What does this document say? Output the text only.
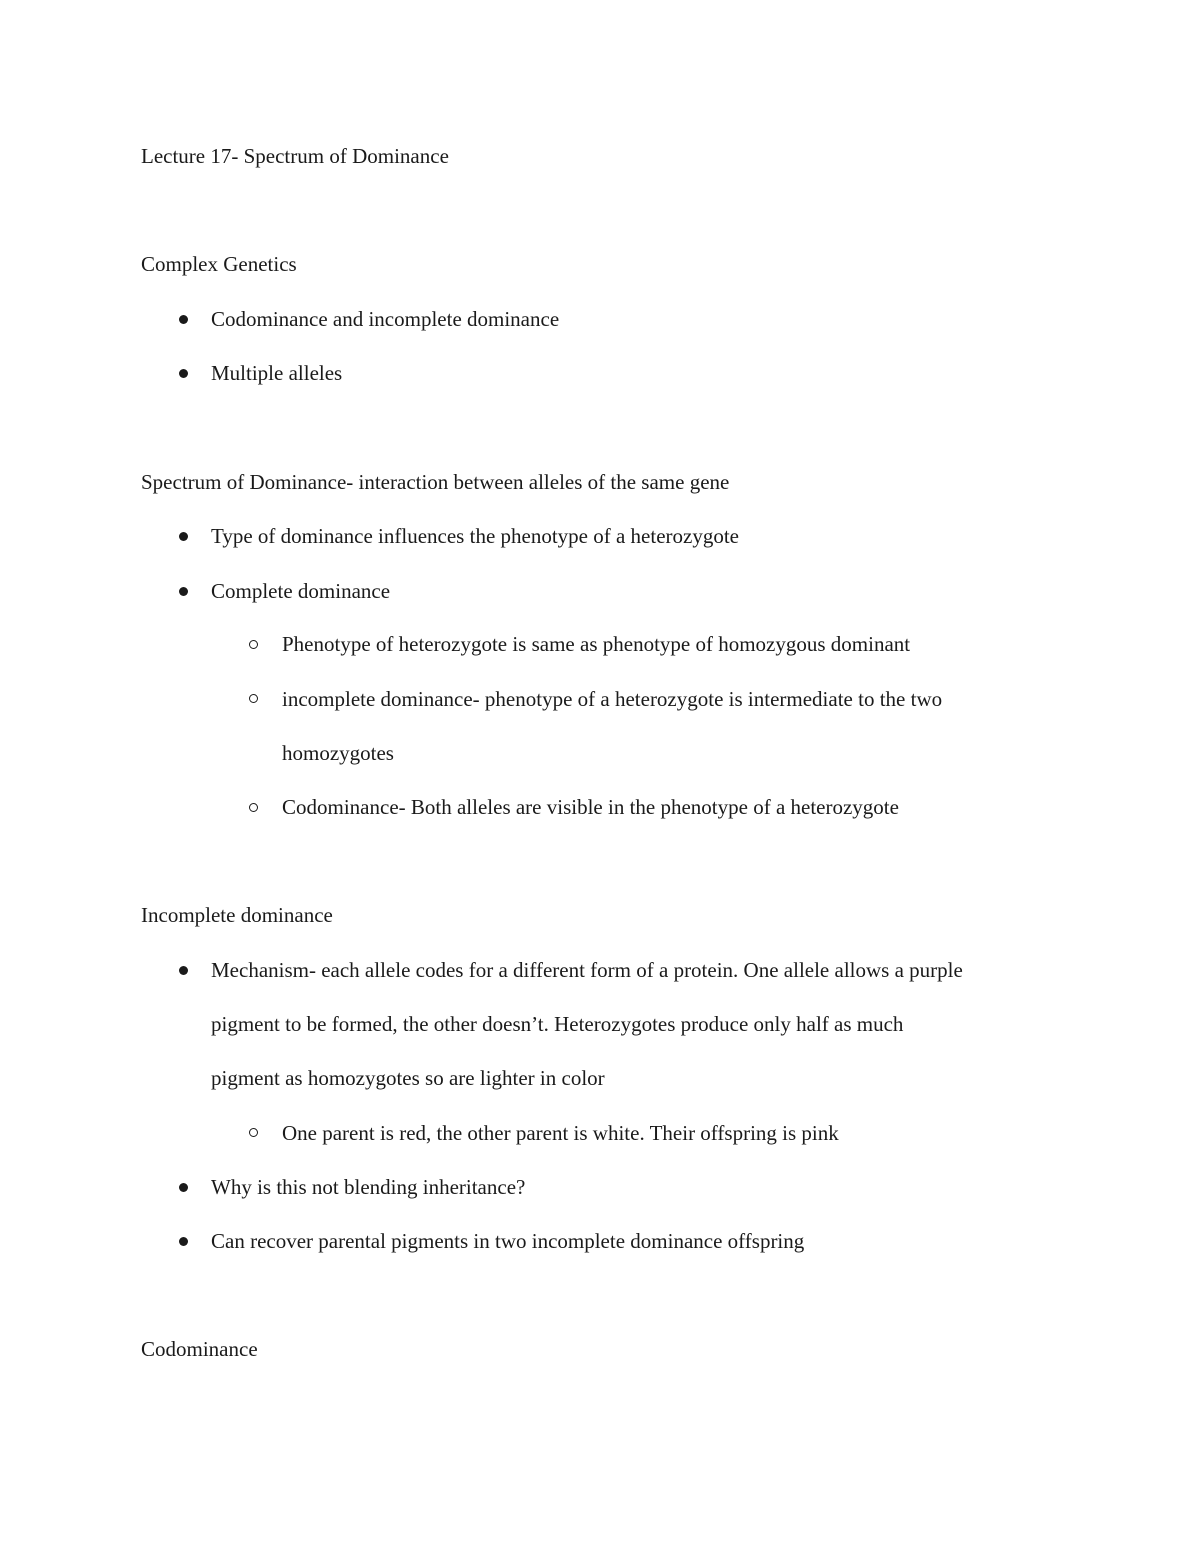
Lecture 17- Spectrum of Dominance
Complex Genetics
Codominance and incomplete dominance
Multiple alleles
Spectrum of Dominance- interaction between alleles of the same gene
Type of dominance influences the phenotype of a heterozygote
Complete dominance
Phenotype of heterozygote is same as phenotype of homozygous dominant
incomplete dominance- phenotype of a heterozygote is intermediate to the two
homozygotes
Codominance- Both alleles are visible in the phenotype of a heterozygote
Incomplete dominance
Mechanism- each allele codes for a different form of a protein. One allele allows a purple
pigment to be formed, the other doesn’t. Heterozygotes produce only half as much
pigment as homozygotes so are lighter in color
One parent is red, the other parent is white. Their offspring is pink
Why is this not blending inheritance?
Can recover parental pigments in two incomplete dominance offspring
Codominance
